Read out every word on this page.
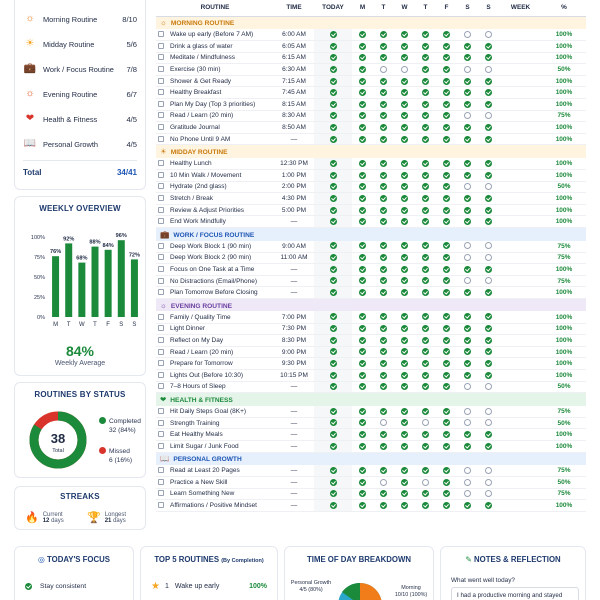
Total	34/41
☼	Morning Routine	8/10
☀	Midday Routine	5/6
💼 Work / Focus Routine	7/8
☼	Evening Routine	6/7
❤	Health & Fitness	4/5
📖 Personal Growth	4/5
WEEKLY OVERVIEW
100%
75%
50%
25%
0%
76%
M
92%
T
68%
W
88%
T
84%
F
96%
S
72%
S
84%
Weekly Average
ROUTINES BY STATUS
38
Total
Completed
32 (84%)
Missed
6 (16%)
STREAKS
🔥 Current
12 days 🏆 Longest
21 days
ROUTINE	TIME	TODAY	M	T	W	T	F	S	S	WEEK	%
☼ MORNING ROUTINE											
Wake up early (Before 7 AM)	6:00 AM										100%
Drink a glass of water	6:05 AM										100%
Meditate / Mindfulness	6:15 AM										100%
Exercise (30 min)	6:30 AM										50%
Shower & Get Ready	7:15 AM										100%
Healthy Breakfast	7:45 AM										100%
Plan My Day (Top 3 priorities)	8:15 AM										100%
Read / Learn (20 min)	8:30 AM										75%
Gratitude Journal	8:50 AM										100%
No Phone Until 9 AM	—										100%
☀ MIDDAY ROUTINE											
Healthy Lunch	12:30 PM										100%
10 Min Walk / Movement	1:00 PM										100%
Hydrate (2nd glass)	2:00 PM										50%
Stretch / Break	4:30 PM										100%
Review & Adjust Priorities	5:00 PM										100%
End Work Mindfully	—										100%
💼 WORK / FOCUS ROUTINE											
Deep Work Block 1 (90 min)	9:00 AM										75%
Deep Work Block 2 (90 min)	11:00 AM										75%
Focus on One Task at a Time	—										100%
No Distractions (Email/Phone)	—										75%
Plan Tomorrow Before Closing	—										100%
☼ EVENING ROUTINE											
Family / Quality Time	7:00 PM										100%
Light Dinner	7:30 PM										100%
Reflect on My Day	8:30 PM										100%
Read / Learn (20 min)	9:00 PM										100%
Prepare for Tomorrow	9:30 PM										100%
Lights Out (Before 10:30)	10:15 PM										100%
7–8 Hours of Sleep	—										50%
❤ HEALTH & FITNESS											
Hit Daily Steps Goal (8K+)	—										75%
Strength Training	—										50%
Eat Healthy Meals	—										100%
Limit Sugar / Junk Food	—										100%
📖 PERSONAL GROWTH											
Read at Least 20 Pages	—										75%
Practice a New Skill	—										50%
Learn Something New	—										75%
Affirmations / Positive Mindset	—										100%
◎ TODAY'S FOCUS
Stay consistent
TOP 5 ROUTINES (By Completion)
★ 1 Wake up early	100%
TIME OF DAY BREAKDOWN
Personal Growth
4/5 (80%)	Morning
10/10 (100%)
✎ NOTES & REFLECTION
What went well today?
I had a productive morning and stayed
